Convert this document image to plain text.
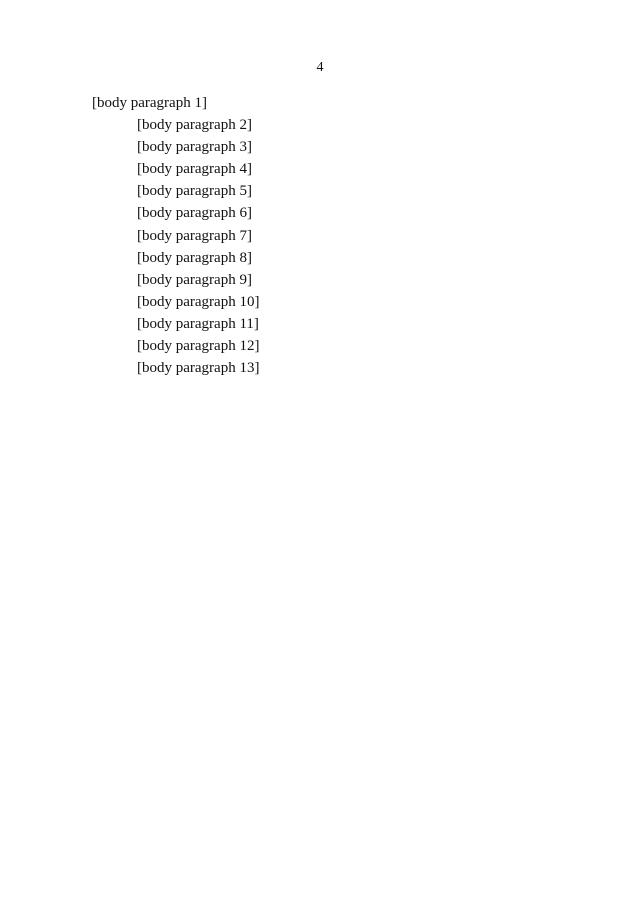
4

[body paragraph 1]

[body paragraph 2]

[body paragraph 3]

[body paragraph 4]

[body paragraph 5]

[body paragraph 6]

[body paragraph 7]

[body paragraph 8]

[body paragraph 9]

[body paragraph 10]

[body paragraph 11]

[body paragraph 12]

[body paragraph 13]
